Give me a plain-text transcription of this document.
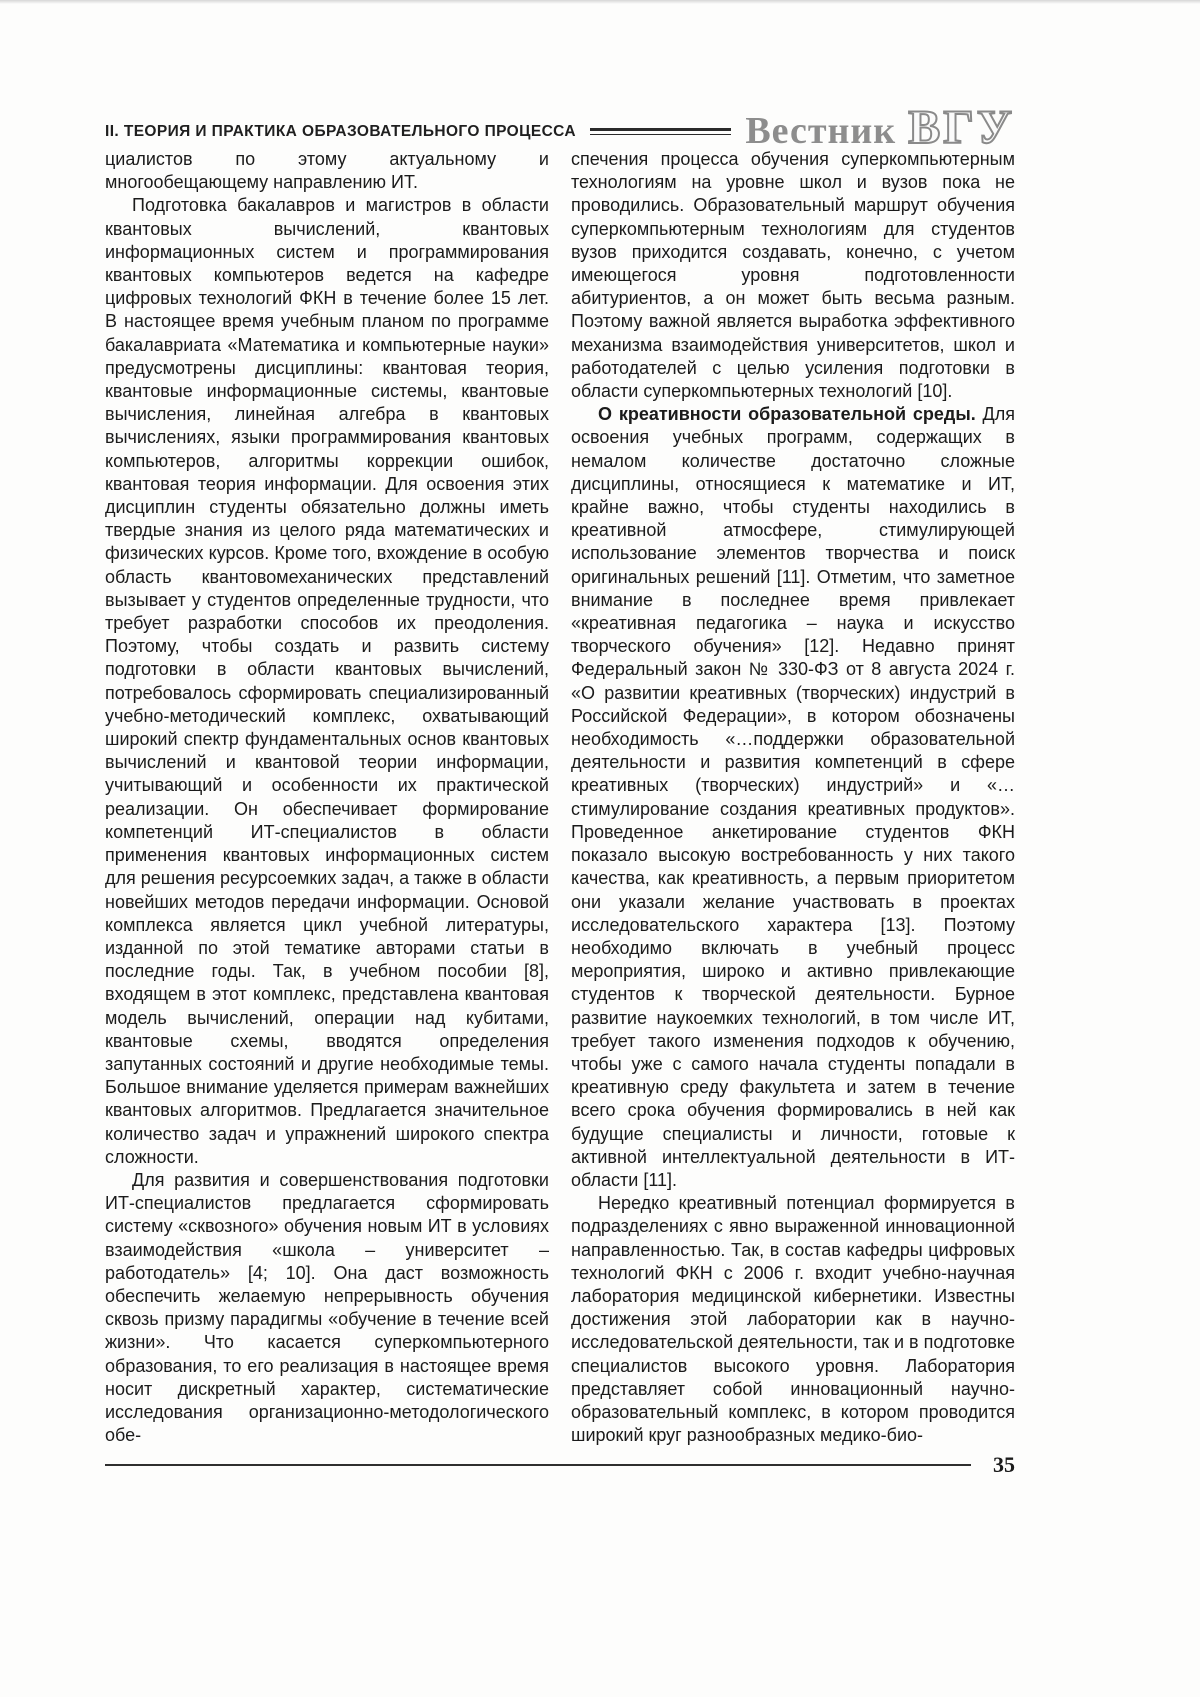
II. ТЕОРИЯ И ПРАКТИКА ОБРАЗОВАТЕЛЬНОГО ПРОЦЕССА	Вестник ВГУ

циалистов по этому актуальному и многообещающему направлению ИТ.

Подготовка бакалавров и магистров в области квантовых вычислений, квантовых информационных систем и программирования квантовых компьютеров ведется на кафедре цифровых технологий ФКН в течение более 15 лет. В настоящее время учебным планом по программе бакалавриата «Математика и компьютерные науки» предусмотрены дисциплины: квантовая теория, квантовые информационные системы, квантовые вычисления, линейная алгебра в квантовых вычислениях, языки программирования квантовых компьютеров, алгоритмы коррекции ошибок, квантовая теория информации. Для освоения этих дисциплин студенты обязательно должны иметь твердые знания из целого ряда математических и физических курсов. Кроме того, вхождение в особую область квантовомеханических представлений вызывает у студентов определенные трудности, что требует разработки способов их преодоления. Поэтому, чтобы создать и развить систему подготовки в области квантовых вычислений, потребовалось сформировать специализированный учебно-методический комплекс, охватывающий широкий спектр фундаментальных основ квантовых вычислений и квантовой теории информации, учитывающий и особенности их практической реализации. Он обеспечивает формирование компетенций ИТ-специалистов в области применения квантовых информационных систем для решения ресурсоемких задач, а также в области новейших методов передачи информации. Основой комплекса является цикл учебной литературы, изданной по этой тематике авторами статьи в последние годы. Так, в учебном пособии [8], входящем в этот комплекс, представлена квантовая модель вычислений, операции над кубитами, квантовые схемы, вводятся определения запутанных состояний и другие необходимые темы. Большое внимание уделяется примерам важнейших квантовых алгоритмов. Предлагается значительное количество задач и упражнений широкого спектра сложности.

Для развития и совершенствования подготовки ИТ-специалистов предлагается сформировать систему «сквозного» обучения новым ИТ в условиях взаимодействия «школа – университет – работодатель» [4; 10]. Она даст возможность обеспечить желаемую непрерывность обучения сквозь призму парадигмы «обучение в течение всей жизни». Что касается суперкомпьютерного образования, то его реализация в настоящее время носит дискретный характер, систематические исследования организационно-методологического обе-

спечения процесса обучения суперкомпьютерным технологиям на уровне школ и вузов пока не проводились. Образовательный маршрут обучения суперкомпьютерным технологиям для студентов вузов приходится создавать, конечно, с учетом имеющегося уровня подготовленности абитуриентов, а он может быть весьма разным. Поэтому важной является выработка эффективного механизма взаимодействия университетов, школ и работодателей с целью усиления подготовки в области суперкомпьютерных технологий [10].

О креативности образовательной среды. Для освоения учебных программ, содержащих в немалом количестве достаточно сложные дисциплины, относящиеся к математике и ИТ, крайне важно, чтобы студенты находились в креативной атмосфере, стимулирующей использование элементов творчества и поиск оригинальных решений [11]. Отметим, что заметное внимание в последнее время привлекает «креативная педагогика – наука и искусство творческого обучения» [12]. Недавно принят Федеральный закон № 330-ФЗ от 8 августа 2024 г. «О развитии креативных (творческих) индустрий в Российской Федерации», в котором обозначены необходимость «…поддержки образовательной деятельности и развития компетенций в сфере креативных (творческих) индустрий» и «…стимулирование создания креативных продуктов». Проведенное анкетирование студентов ФКН показало высокую востребованность у них такого качества, как креативность, а первым приоритетом они указали желание участвовать в проектах исследовательского характера [13]. Поэтому необходимо включать в учебный процесс мероприятия, широко и активно привлекающие студентов к творческой деятельности. Бурное развитие наукоемких технологий, в том числе ИТ, требует такого изменения подходов к обучению, чтобы уже с самого начала студенты попадали в креативную среду факультета и затем в течение всего срока обучения формировались в ней как будущие специалисты и личности, готовые к активной интеллектуальной деятельности в ИТ-области [11].

Нередко креативный потенциал формируется в подразделениях с явно выраженной инновационной направленностью. Так, в состав кафедры цифровых технологий ФКН с 2006 г. входит учебно-научная лаборатория медицинской кибернетики. Известны достижения этой лаборатории как в научно-исследовательской деятельности, так и в подготовке специалистов высокого уровня. Лаборатория представляет собой инновационный научно-образовательный комплекс, в котором проводится широкий круг разнообразных медико-био-

35
